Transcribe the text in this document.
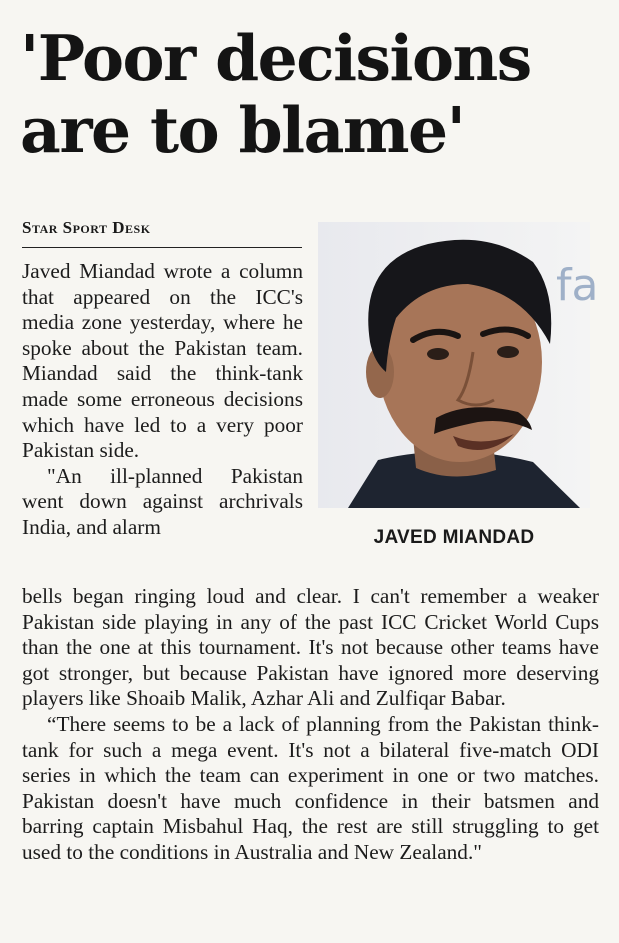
'Poor decisions
are to blame'
Star Sport Desk

Javed Miandad wrote a column that appeared on the ICC's media zone yesterday, where he spoke about the Pakistan team. Miandad said the think-tank made some erroneous decisions which have led to a very poor Pakistan side.

"An ill-planned Pakistan went down against archrivals India, and alarm

fa
JAVED MIANDAD

bells began ringing loud and clear. I can't remember a weaker Pakistan side playing in any of the past ICC Cricket World Cups than the one at this tournament. It's not because other teams have got stronger, but because Pakistan have ignored more deserving players like Shoaib Malik, Azhar Ali and Zulfiqar Babar.

“There seems to be a lack of planning from the Pakistan think-tank for such a mega event. It's not a bilateral five-match ODI series in which the team can experiment in one or two matches. Pakistan doesn't have much confidence in their batsmen and barring captain Misbahul Haq, the rest are still struggling to get used to the conditions in Australia and New Zealand."
